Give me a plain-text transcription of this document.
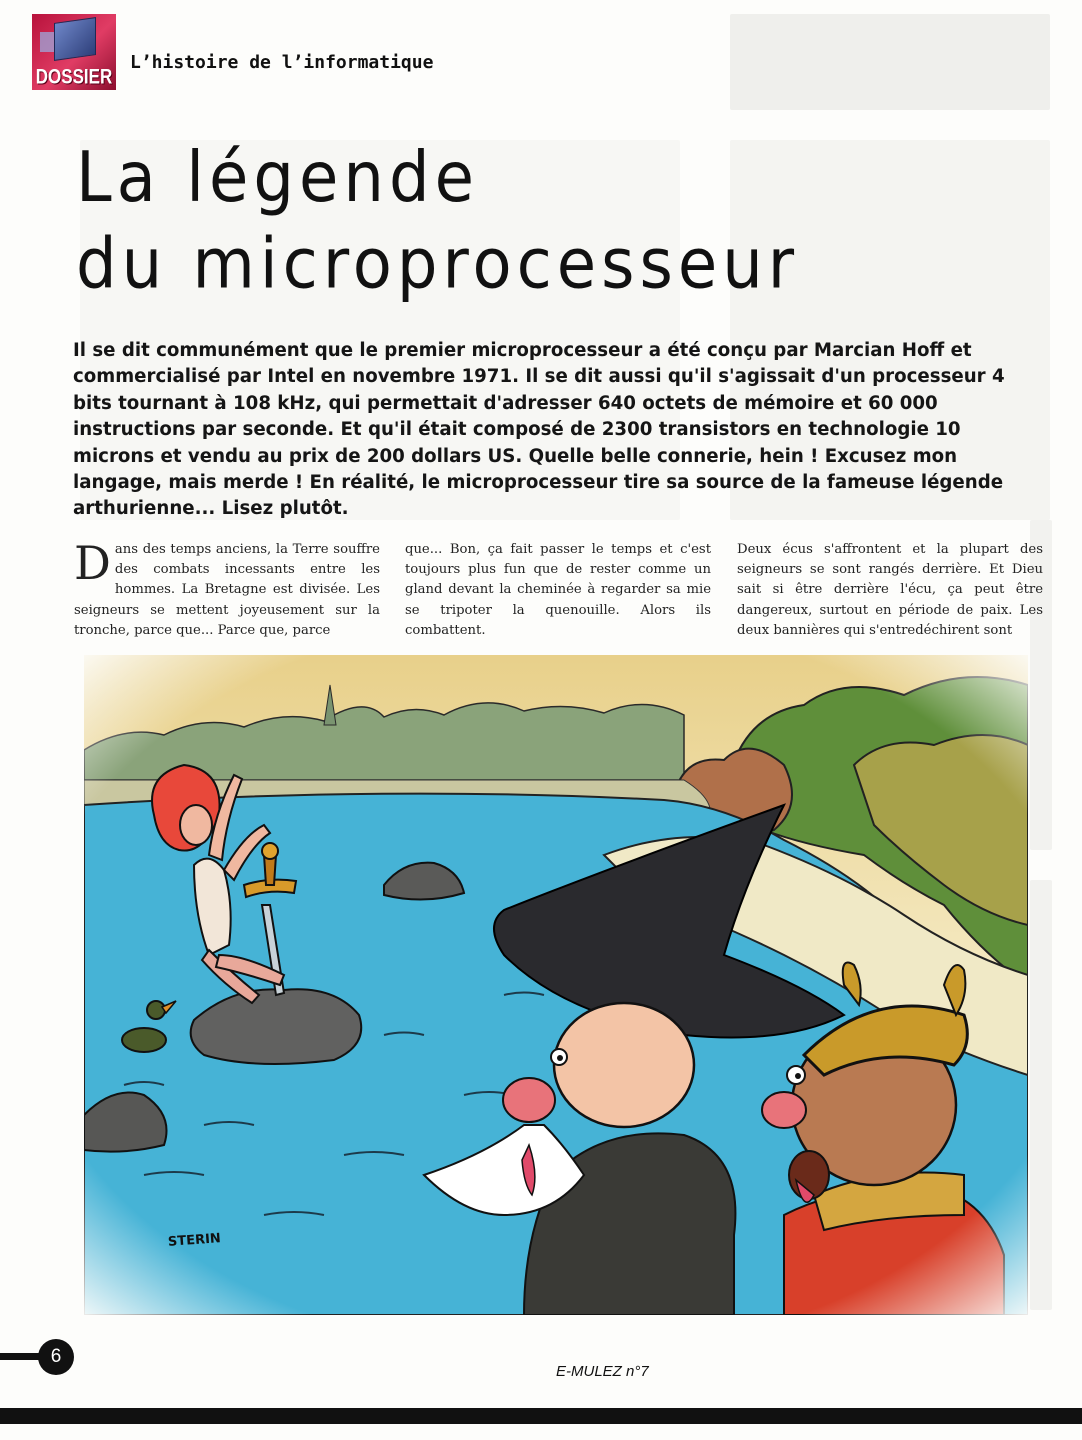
DOSSIER
L’histoire de l’informatique
La légende
du microprocesseur
Il se dit communément que le premier microprocesseur a été conçu par Marcian Hoff et commercialisé par Intel en novembre 1971. Il se dit aussi qu'il s'agissait d'un processeur 4 bits tournant à 108 kHz, qui permettait d'adresser 640 octets de mémoire et 60 000 instructions par seconde. Et qu'il était composé de 2300 transistors en technologie 10 microns et vendu au prix de 200 dollars US. Quelle belle connerie, hein ! Excusez mon langage, mais merde ! En réalité, le microprocesseur tire sa source de la fameuse légende arthurienne... Lisez plutôt.
Dans des temps anciens, la Terre souffre des combats incessants entre les hommes. La Bretagne est divisée. Les seigneurs se mettent joyeusement sur la tronche, parce que... Parce que, parce
que... Bon, ça fait passer le temps et c'est toujours plus fun que de rester comme un gland devant la cheminée à regarder sa mie se tripoter la quenouille. Alors ils combattent.
Deux écus s'affrontent et la plupart des seigneurs se sont rangés derrière. Et Dieu sait si être derrière l'écu, ça peut être dangereux, surtout en période de paix. Les deux bannières qui s'entredéchirent sont
STERIN
6
E-MULEZ n°7
